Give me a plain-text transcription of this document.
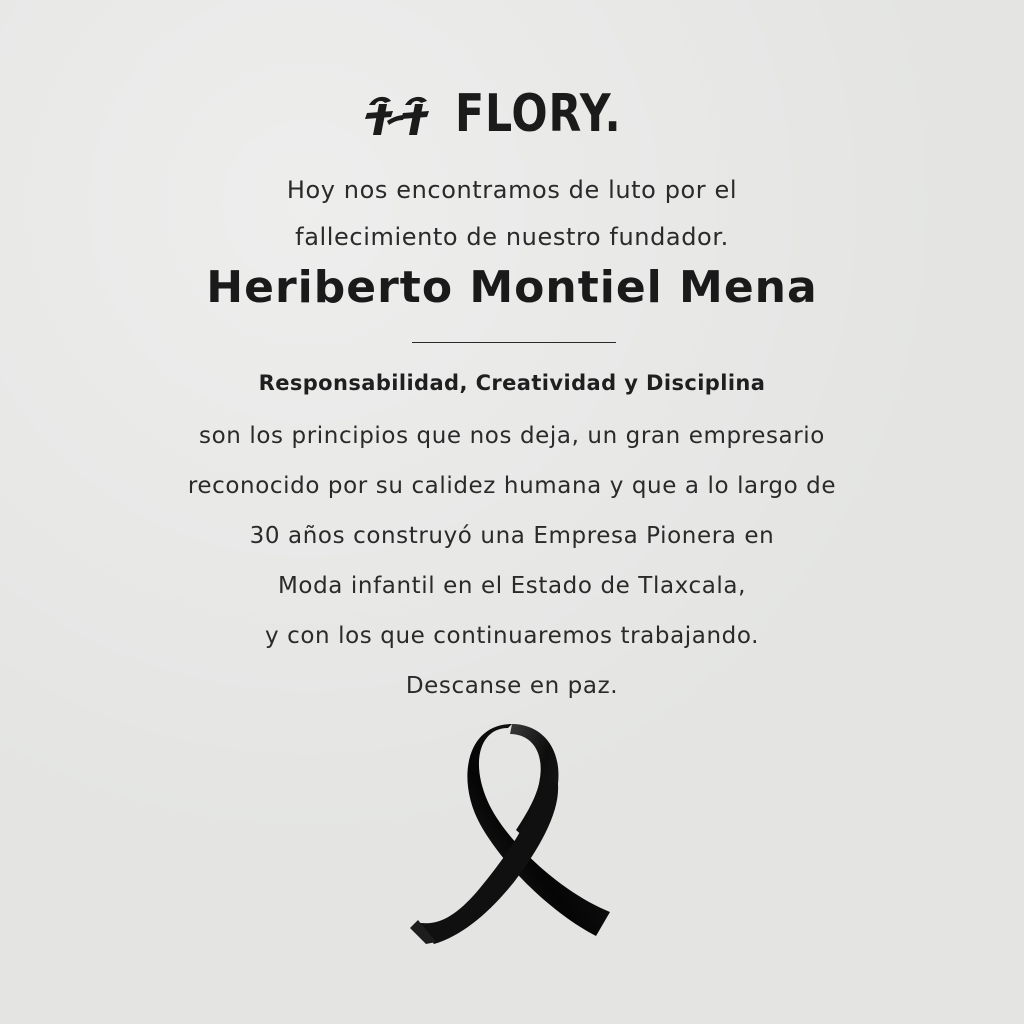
FLORY.
Hoy nos encontramos de luto por el
fallecimiento de nuestro fundador.
Heriberto Montiel Mena
Responsabilidad, Creatividad y Disciplina
son los principios que nos deja, un gran empresario
reconocido por su calidez humana y que a lo largo de
30 años construyó una Empresa Pionera en
Moda infantil en el Estado de Tlaxcala,
y con los que continuaremos trabajando.
Descanse en paz.
